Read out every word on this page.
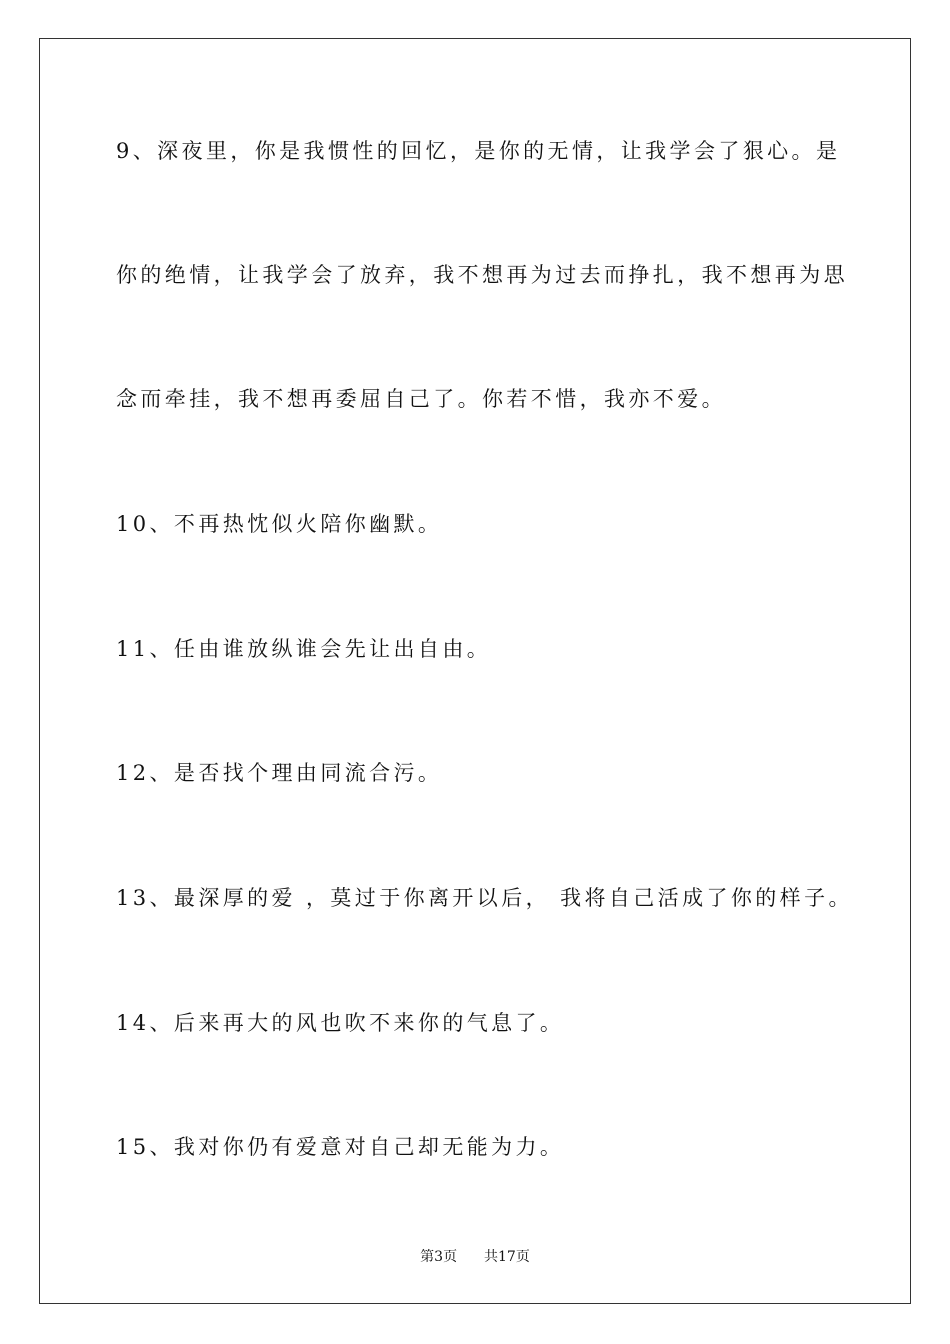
9、深夜里，你是我惯性的回忆，是你的无情，让我学会了狠心。是
你的绝情，让我学会了放弃，我不想再为过去而挣扎，我不想再为思
念而牵挂，我不想再委屈自己了。你若不惜，我亦不爱。
10、不再热忱似火陪你幽默。
11、任由谁放纵谁会先让出自由。
12、是否找个理由同流合污。
13、最深厚的爱 ，莫过于你离开以后， 我将自己活成了你的样子。
14、后来再大的风也吹不来你的气息了。
15、我对你仍有爱意对自己却无能为力。
第3页 共17页
